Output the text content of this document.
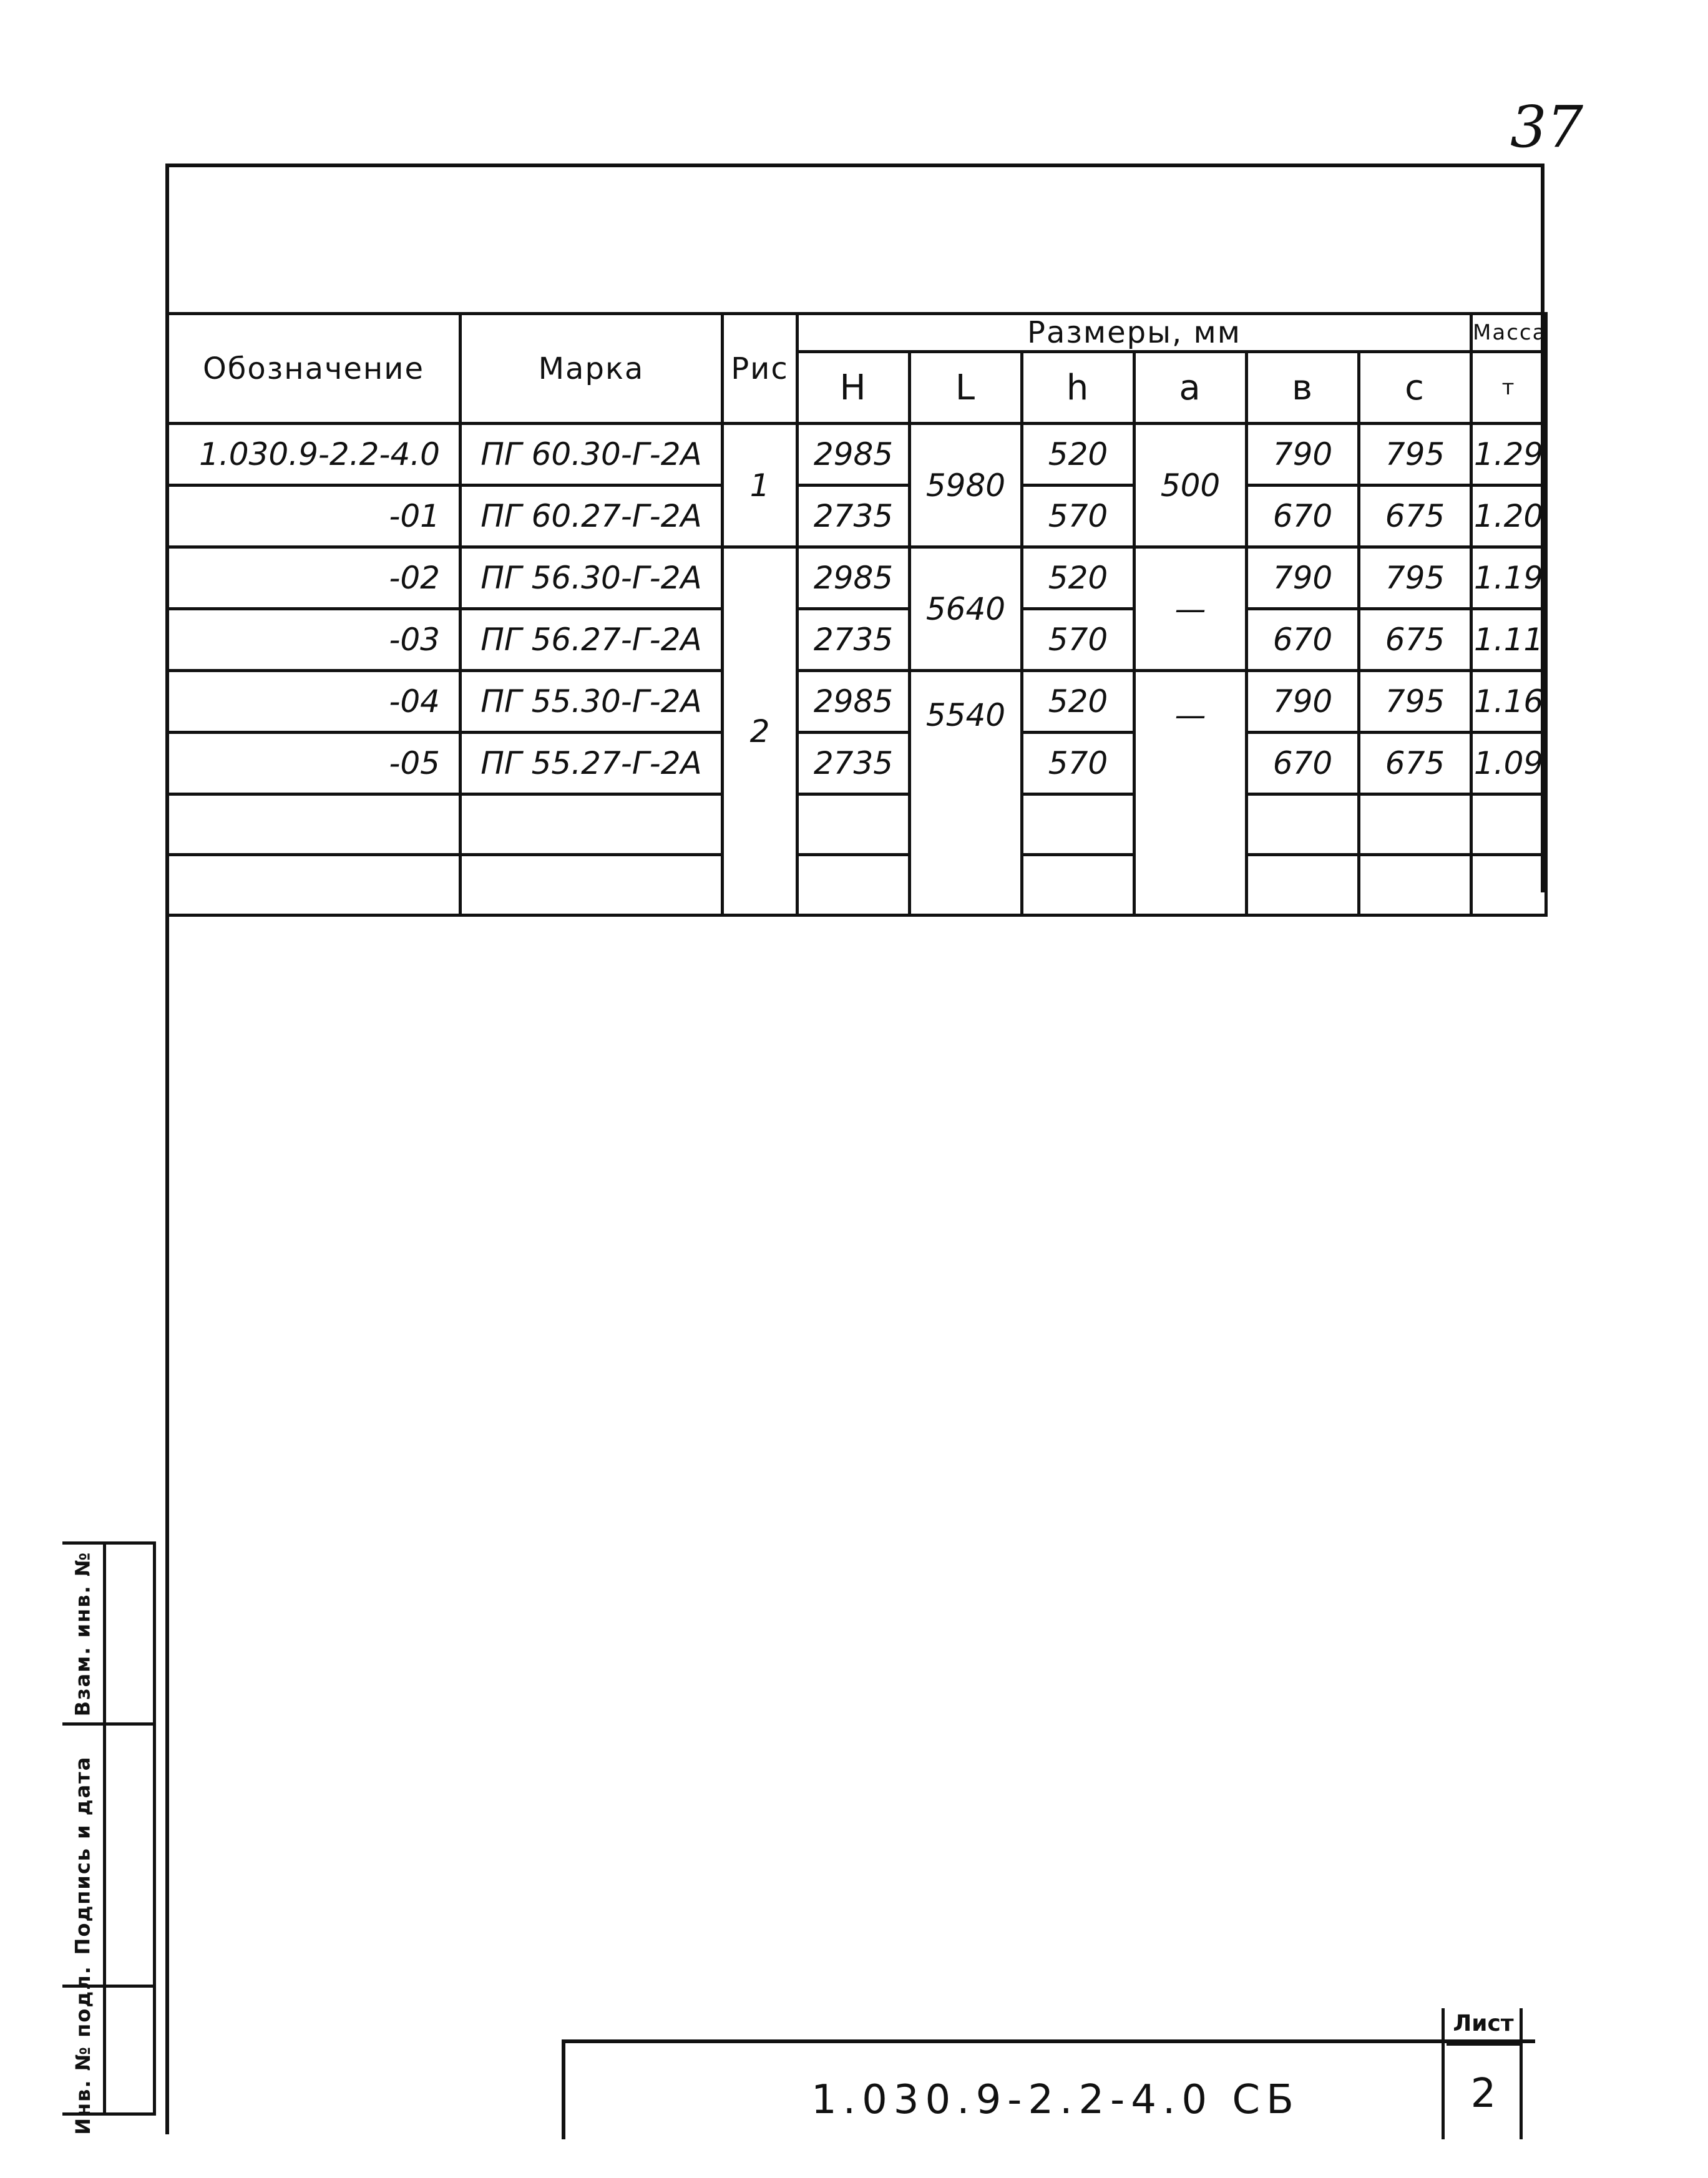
37
Обозначение	Марка	Рис	Размеры, мм						Масса
			Н	L	h	a	в	с	т
1.030.9-2.2-4.0	ПГ 60.30-Г-2А	1	2985	5980	520	500	790	795	1.29
-01	ПГ 60.27-Г-2А		2735		570		670	675	1.20
-02	ПГ 56.30-Г-2А	2	2985	5640	520	—	790	795	1.19
-03	ПГ 56.27-Г-2А		2735		570		670	675	1.11
-04	ПГ 55.30-Г-2А		2985	5540	520	—	790	795	1.16
-05	ПГ 55.27-Г-2А		2735		570		670	675	1.09

Взам. инв. №
Подпись и дата
Инв. № подл.	1.030.9-2.2-4.0 СБ
Лист
2
